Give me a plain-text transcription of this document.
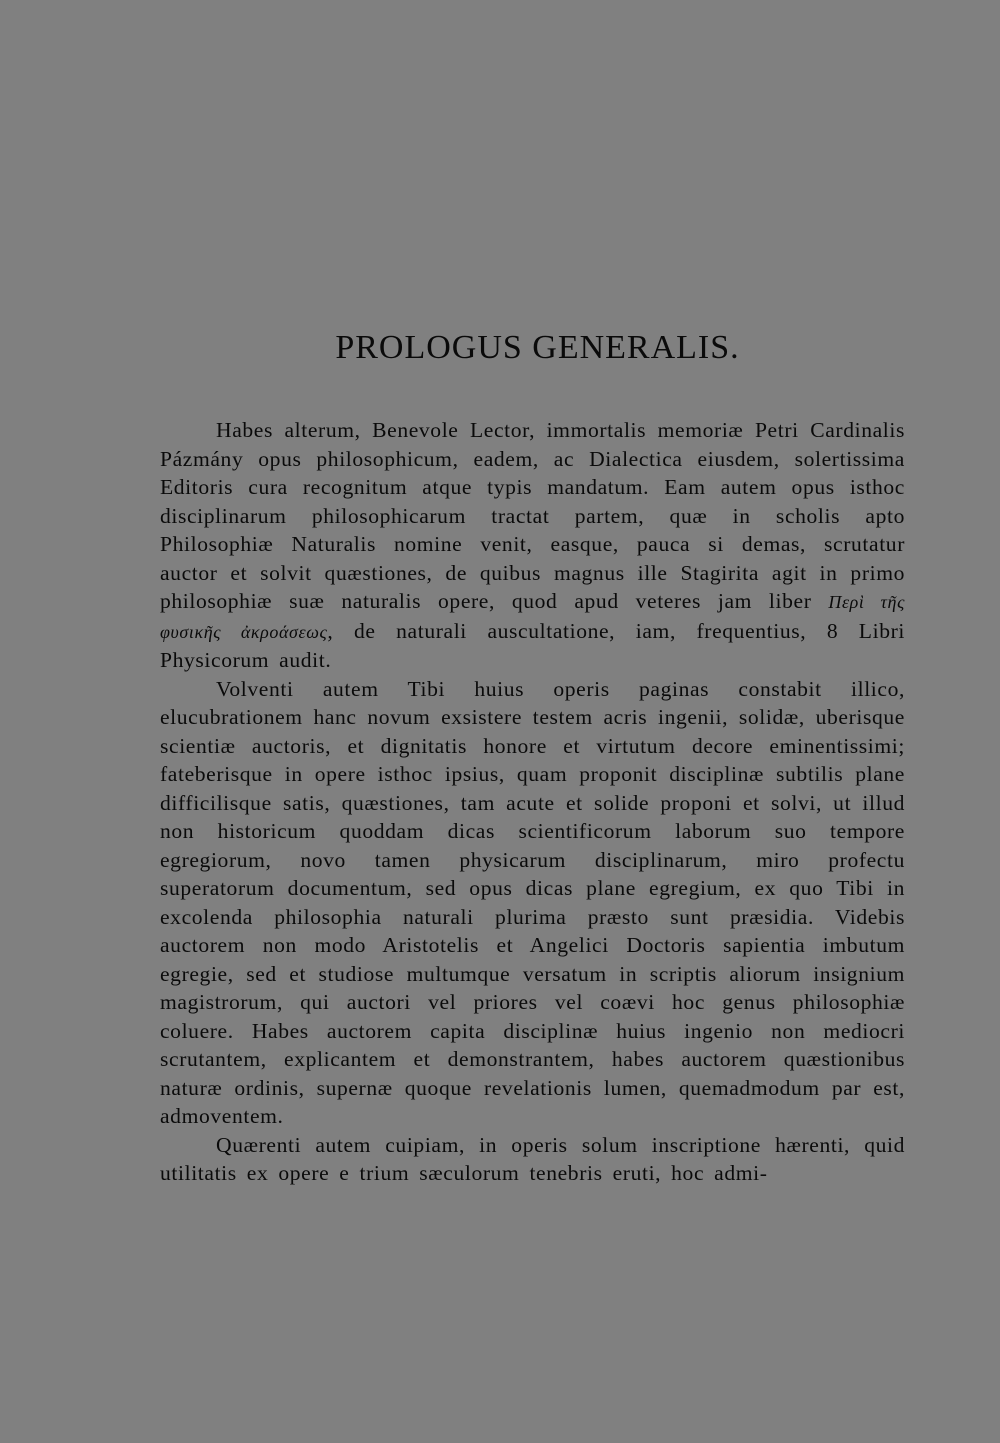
PROLOGUS GENERALIS.

Habes alterum, Benevole Lector, immortalis memoriæ Petri Cardinalis Pázmány opus philosophicum, eadem, ac Dialectica eiusdem, solertissima Editoris cura recognitum atque typis mandatum. Eam autem opus isthoc disciplinarum philosophicarum tractat partem, quæ in scholis apto Philosophiæ Naturalis nomine venit, easque, pauca si demas, scrutatur auctor et solvit quæstiones, de quibus magnus ille Stagirita agit in primo philosophiæ suæ naturalis opere, quod apud veteres jam liber Περὶ τῆς φυσικῆς ἀκροάσεως, de naturali auscultatione, iam, frequentius, 8 Libri Physicorum audit.

Volventi autem Tibi huius operis paginas constabit illico, elucubrationem hanc novum exsistere testem acris ingenii, solidæ, uberisque scientiæ auctoris, et dignitatis honore et virtutum decore eminentissimi; fateberisque in opere isthoc ipsius, quam proponit disciplinæ subtilis plane difficilisque satis, quæstiones, tam acute et solide proponi et solvi, ut illud non historicum quoddam dicas scientificorum laborum suo tempore egregiorum, novo tamen physicarum disciplinarum, miro profectu superatorum documentum, sed opus dicas plane egregium, ex quo Tibi in excolenda philosophia naturali plurima præsto sunt præsidia. Videbis auctorem non modo Aristotelis et Angelici Doctoris sapientia imbutum egregie, sed et studiose multumque versatum in scriptis aliorum insignium magistrorum, qui auctori vel priores vel coævi hoc genus philosophiæ coluere. Habes auctorem capita disciplinæ huius ingenio non mediocri scrutantem, explicantem et demonstrantem, habes auctorem quæstionibus naturæ ordinis, supernæ quoque revelationis lumen, quemadmodum par est, admoventem.

Quærenti autem cuipiam, in operis solum inscriptione hærenti, quid utilitatis ex opere e trium sæculorum tenebris eruti, hoc admi-
